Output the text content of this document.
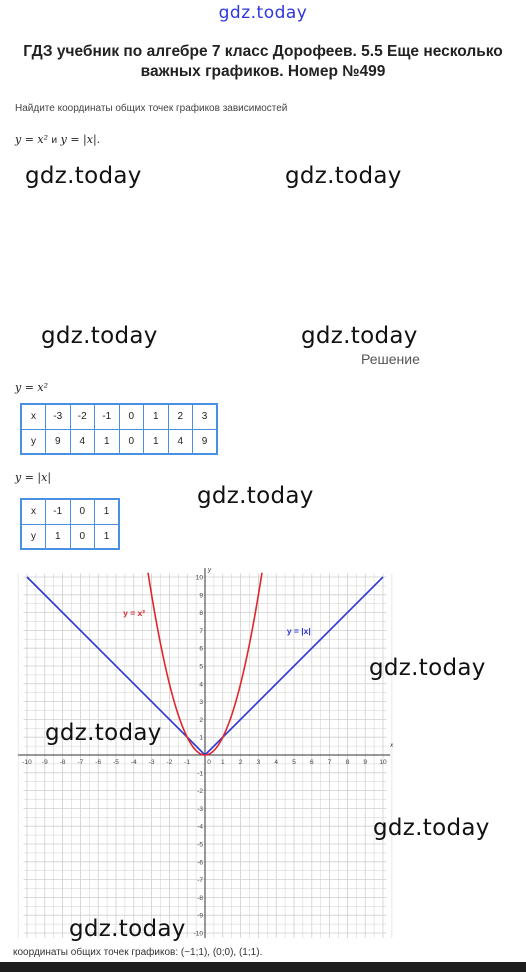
gdz.today
ГДЗ учебник по алгебре 7 класс Дорофеев. 5.5 Еще несколько важных графиков. Номер №499
Найдите координаты общих точек графиков зависимостей
y = x² и y = |x|.
gdz.today	gdz.today
gdz.today	gdz.today
Решение
y = x²
x	-3	-2	-1	0	1	2	3
y	9	4	1	0	1	4	9
y = |x|
x	-1	0	1
y	1	0	1
gdz.today
x
y
-10 -9 -8 -7 -6 -5 -4 -3 -2 -1	0 1 2 3 4 5 6 7 8 9 10
10
9
8
7
6
5
4
3
2
1
-1
-2
-3
-4
-5
-6
-7
-8
-9
-10
y = x²
y = |x|
gdz.today
gdz.today
gdz.today
gdz.today
координаты общих точек графиков: (−1;1), (0;0), (1;1).
